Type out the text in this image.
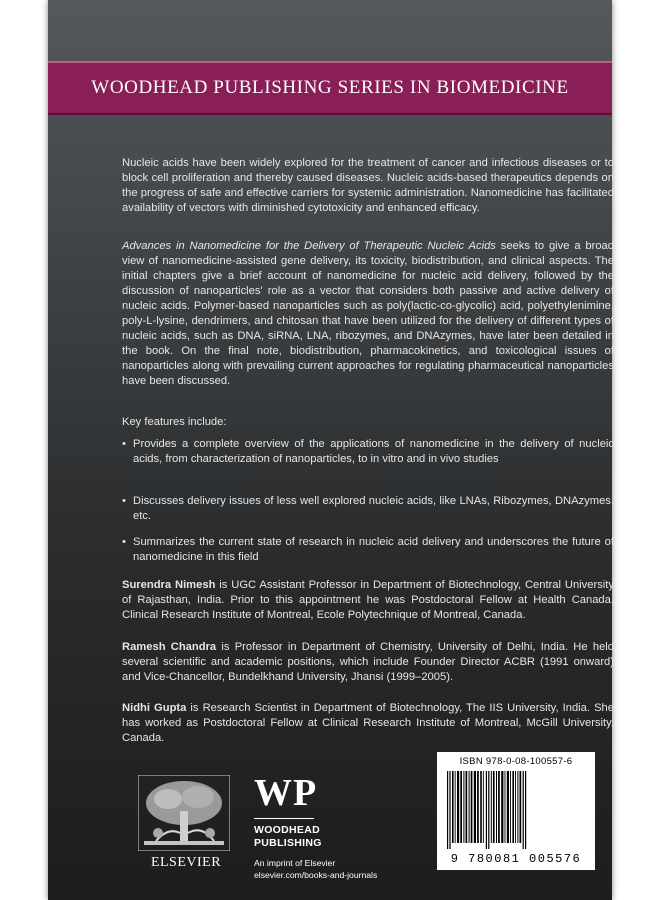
WOODHEAD PUBLISHING SERIES IN BIOMEDICINE

Nucleic acids have been widely explored for the treatment of cancer and infectious diseases or to block cell proliferation and thereby caused diseases. Nucleic acids-based therapeutics depends on the progress of safe and effective carriers for systemic administration. Nanomedicine has facilitated availability of vectors with diminished cytotoxicity and enhanced efficacy.

Advances in Nanomedicine for the Delivery of Therapeutic Nucleic Acids seeks to give a broad view of nanomedicine-assisted gene delivery, its toxicity, biodistribution, and clinical aspects. The initial chapters give a brief account of nanomedicine for nucleic acid delivery, followed by the discussion of nanoparticles' role as a vector that considers both passive and active delivery of nucleic acids. Polymer-based nanoparticles such as poly(lactic-co-glycolic) acid, polyethylenimine, poly-L-lysine, dendrimers, and chitosan that have been utilized for the delivery of different types of nucleic acids, such as DNA, siRNA, LNA, ribozymes, and DNAzymes, have later been detailed in the book. On the final note, biodistribution, pharmacokinetics, and toxicological issues of nanoparticles along with prevailing current approaches for regulating pharmaceutical nanoparticles have been discussed.

Key features include:
• Provides a complete overview of the applications of nanomedicine in the delivery of nucleic acids, from characterization of nanoparticles, to in vitro and in vivo studies
• Discusses delivery issues of less well explored nucleic acids, like LNAs, Ribozymes, DNAzymes, etc.
• Summarizes the current state of research in nucleic acid delivery and underscores the future of nanomedicine in this field

Surendra Nimesh is UGC Assistant Professor in Department of Biotechnology, Central University of Rajasthan, India. Prior to this appointment he was Postdoctoral Fellow at Health Canada, Clinical Research Institute of Montreal, Ecole Polytechnique of Montreal, Canada.

Ramesh Chandra is Professor in Department of Chemistry, University of Delhi, India. He held several scientific and academic positions, which include Founder Director ACBR (1991 onward) and Vice-Chancellor, Bundelkhand University, Jhansi (1999–2005).

Nidhi Gupta is Research Scientist in Department of Biotechnology, The IIS University, India. She has worked as Postdoctoral Fellow at Clinical Research Institute of Montreal, McGill University, Canada.

ELSEVIER
WP
WOODHEAD
PUBLISHING
An imprint of Elsevier
elsevier.com/books-and-journals
ISBN 978-0-08-100557-6
9 780081 005576
